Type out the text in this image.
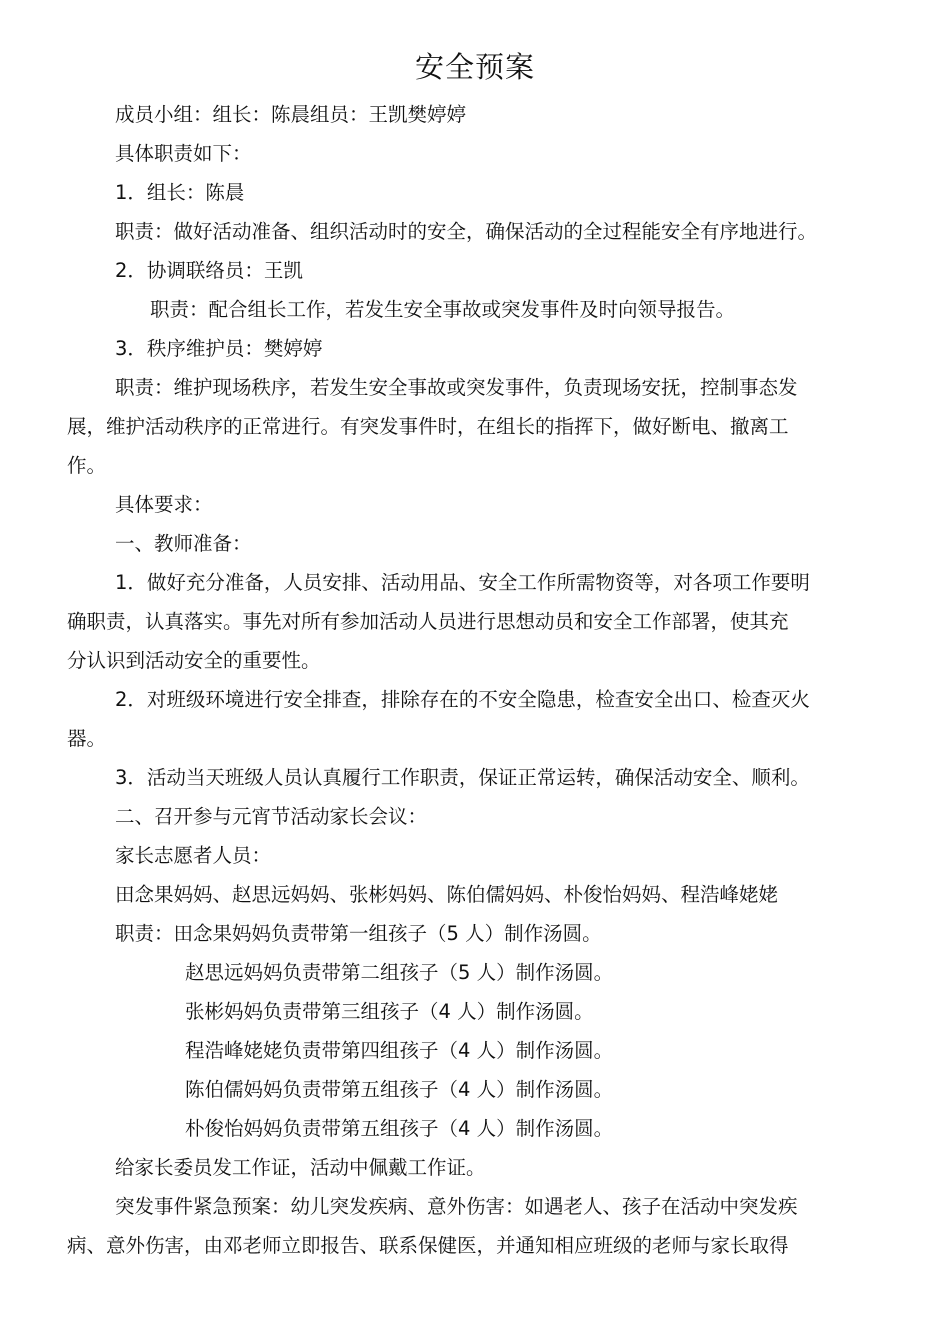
安全预案
成员小组：组长：陈晨组员：王凯樊婷婷
具体职责如下：
1．组长：陈晨
职责：做好活动准备、组织活动时的安全，确保活动的全过程能安全有序地进行。
2．协调联络员：王凯
职责：配合组长工作，若发生安全事故或突发事件及时向领导报告。
3．秩序维护员：樊婷婷
职责：维护现场秩序，若发生安全事故或突发事件，负责现场安抚，控制事态发
展，维护活动秩序的正常进行。有突发事件时，在组长的指挥下，做好断电、撤离工
作。
具体要求：
一、教师准备：
1．做好充分准备，人员安排、活动用品、安全工作所需物资等，对各项工作要明
确职责，认真落实。事先对所有参加活动人员进行思想动员和安全工作部署，使其充
分认识到活动安全的重要性。
2．对班级环境进行安全排查，排除存在的不安全隐患，检查安全出口、检查灭火
器。
3．活动当天班级人员认真履行工作职责，保证正常运转，确保活动安全、顺利。
二、召开参与元宵节活动家长会议：
家长志愿者人员：
田念果妈妈、赵思远妈妈、张彬妈妈、陈伯儒妈妈、朴俊怡妈妈、程浩峰姥姥
职责：田念果妈妈负责带第一组孩子（5 人）制作汤圆。
赵思远妈妈负责带第二组孩子（5 人）制作汤圆。
张彬妈妈负责带第三组孩子（4 人）制作汤圆。
程浩峰姥姥负责带第四组孩子（4 人）制作汤圆。
陈伯儒妈妈负责带第五组孩子（4 人）制作汤圆。
朴俊怡妈妈负责带第五组孩子（4 人）制作汤圆。
给家长委员发工作证，活动中佩戴工作证。
突发事件紧急预案：幼儿突发疾病、意外伤害：如遇老人、孩子在活动中突发疾
病、意外伤害，由邓老师立即报告、联系保健医，并通知相应班级的老师与家长取得
